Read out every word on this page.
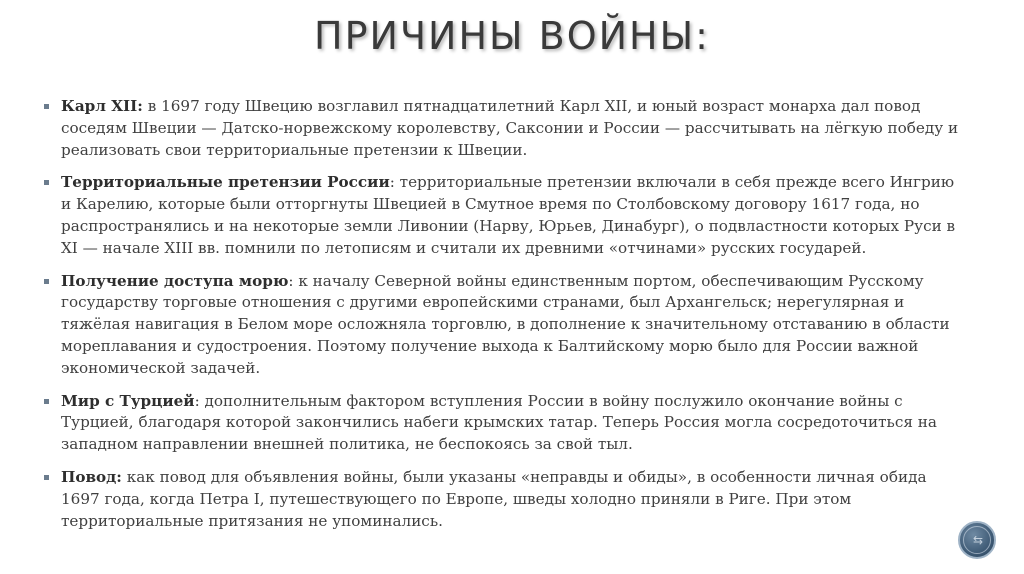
ПРИЧИНЫ ВОЙНЫ:
Карл XII: в 1697 году Швецию возглавил пятнадцатилетний Карл XII, и юный возраст монарха дал повод соседям Швеции — Датско-норвежскому королевству, Саксонии и России — рассчитывать на лёгкую победу и реализовать свои территориальные претензии к Швеции.
Территориальные претензии России: территориальные претензии включали в себя прежде всего Ингрию и Карелию, которые были отторгнуты Швецией в Смутное время по Столбовскому договору 1617 года, но распространялись и на некоторые земли Ливонии (Нарву, Юрьев, Динабург), о подвластности которых Руси в XI — начале XIII вв. помнили по летописям и считали их древними «отчинами» русских государей.
Получение доступа морю: к началу Северной войны единственным портом, обеспечивающим Русскому государству торговые отношения с другими европейскими странами, был Архангельск; нерегулярная и тяжёлая навигация в Белом море осложняла торговлю, в дополнение к значительному отставанию в области мореплавания и судостроения. Поэтому получение выхода к Балтийскому морю было для России важной экономической задачей.
Мир с Турцией: дополнительным фактором вступления России в войну послужило окончание войны с Турцией, благодаря которой закончились набеги крымских татар. Теперь Россия могла сосредоточиться на западном направлении внешней политика, не беспокоясь за свой тыл.
Повод: как повод для объявления войны, были указаны «неправды и обиды», в особенности личная обида 1697 года, когда Петра I, путешествующего по Европе, шведы холодно приняли в Риге. При этом территориальные притязания не упоминались.
⇆
